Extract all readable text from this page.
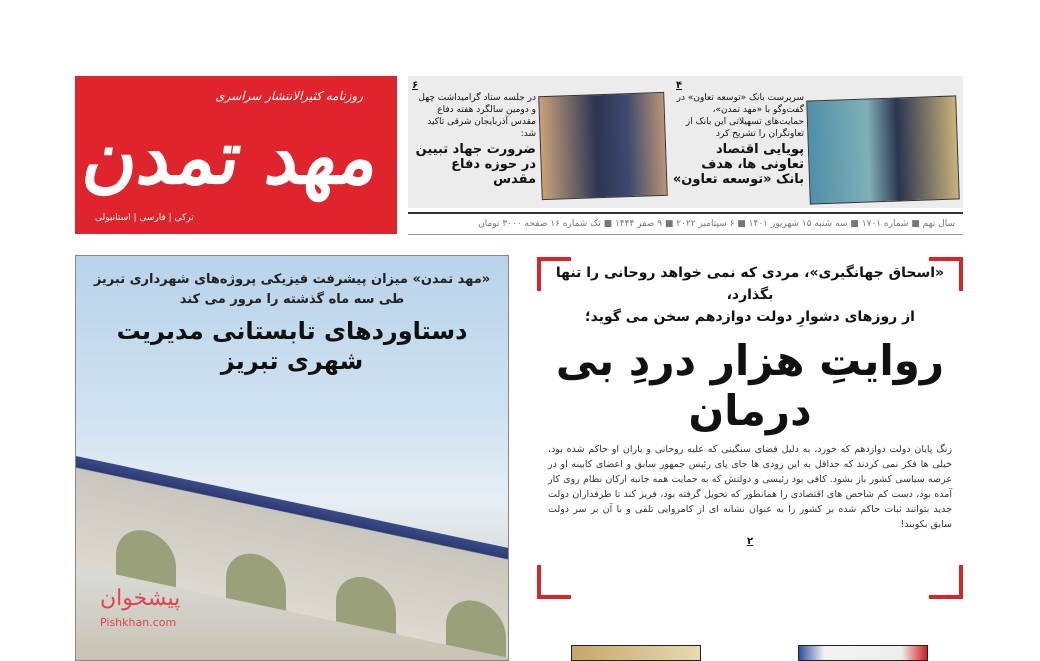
روزنامه کثیرالانتشار سراسری
مهد تمدن
ترکی | فارسی | استانبولی
۴
سرپرست بانک «توسعه تعاون» در گفت‌وگو با «مهد تمدن»، حمایت‌های تسهیلاتی این بانک از تعاونگران را تشریح کرد
پویایی اقتصاد تعاونی ها، هدف بانک «توسعه تعاون»
۶
در جلسه ستاد گرامیداشت چهل و دومین سالگرد هفته دفاع مقدس آذربایجان شرقی تاکید شد:
ضرورت جهاد تبیین در حوزه دفاع مقدس
سال نهم ■ شماره ۱۷۰۱ ■ سه شنبه ۱۵ شهریور ۱۴۰۱ ■ ۶ سپتامبر ۲۰۲۲ ■ ۹ صفر ۱۴۴۴ ■ تک شماره ۱۶ صفحه ۳۰۰۰ تومان
«مهد تمدن» میزان پیشرفت فیزیکی پروژه‌های شهرداری تبریز
طی سه ماه گذشته را مرور می کند
دستاوردهای تابستانی مدیریت شهری تبریز
پیشخوان
Pishkhan.com
«اسحاق جهانگیری»، مردی که نمی خواهد روحانی را تنها بگذارد،
از روزهای دشوارِ دولت دوازدهم سخن می گوید؛
روایتِ هزار دردِ بی درمان
زنگ پایان دولت دوازدهم که خورد، به دلیل فضای سنگینی که علیه روحانی و یاران او حاکم شده بود، خیلی ها فکر نمی کردند که حداقل به این زودی ها جای پای رئیس جمهور سابق و اعضای کابینه او در عرصه سیاسی کشور باز بشود. کافی بود رئیسی و دولتش که به حمایت همه جانبه ارکان نظام روی کار آمده بود، دست کم شاخص های اقتصادی را همانطور که تحویل گرفته بود، فریز کند تا طرفداران دولت جدید بتوانند ثبات حاکم شده بر کشور را به عنوان نشانه ای از کامروایی تلقی و با آن بر سر دولت سابق بکوبند!
۲
